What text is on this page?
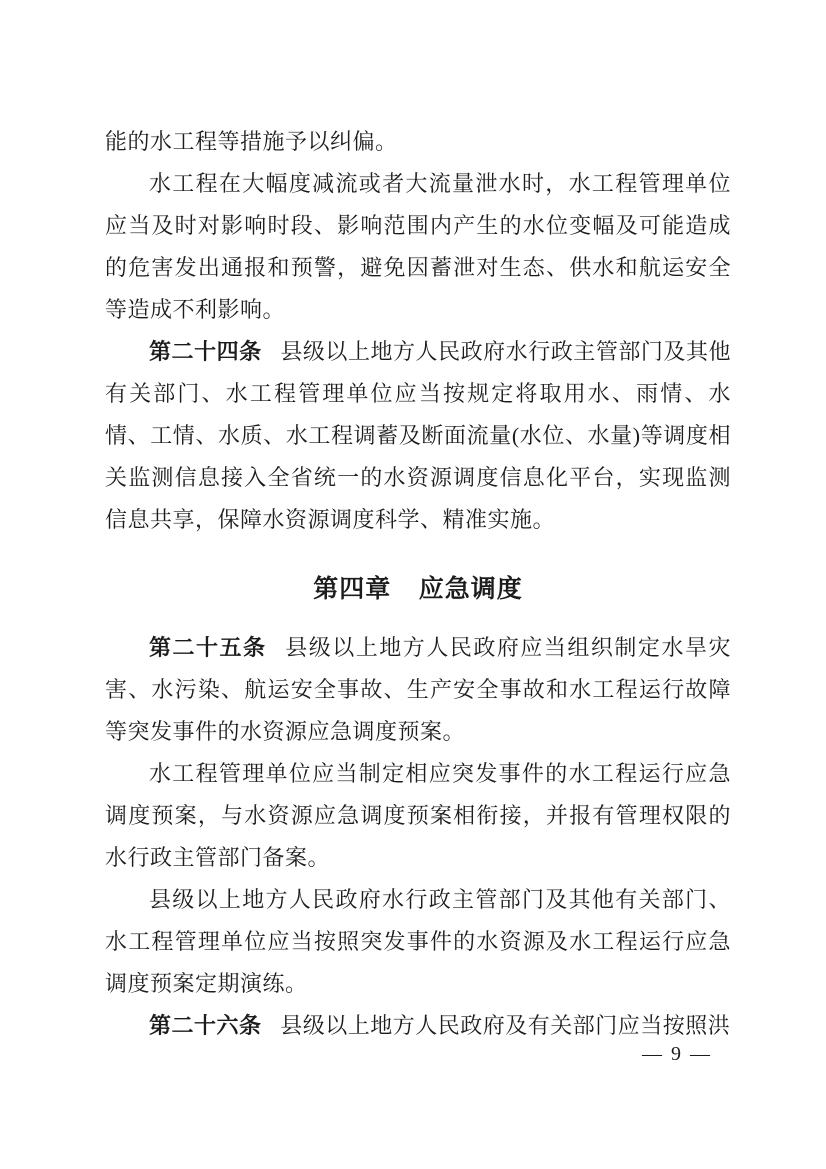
能的水工程等措施予以纠偏。

水工程在大幅度减流或者大流量泄水时，水工程管理单位应当及时对影响时段、影响范围内产生的水位变幅及可能造成的危害发出通报和预警，避免因蓄泄对生态、供水和航运安全等造成不利影响。

第二十四条 县级以上地方人民政府水行政主管部门及其他有关部门、水工程管理单位应当按规定将取用水、雨情、水情、工情、水质、水工程调蓄及断面流量(水位、水量)等调度相关监测信息接入全省统一的水资源调度信息化平台，实现监测信息共享，保障水资源调度科学、精准实施。

第四章 应急调度

第二十五条 县级以上地方人民政府应当组织制定水旱灾害、水污染、航运安全事故、生产安全事故和水工程运行故障等突发事件的水资源应急调度预案。

水工程管理单位应当制定相应突发事件的水工程运行应急调度预案，与水资源应急调度预案相衔接，并报有管理权限的水行政主管部门备案。

县级以上地方人民政府水行政主管部门及其他有关部门、水工程管理单位应当按照突发事件的水资源及水工程运行应急调度预案定期演练。

第二十六条 县级以上地方人民政府及有关部门应当按照洪

— 9 —
